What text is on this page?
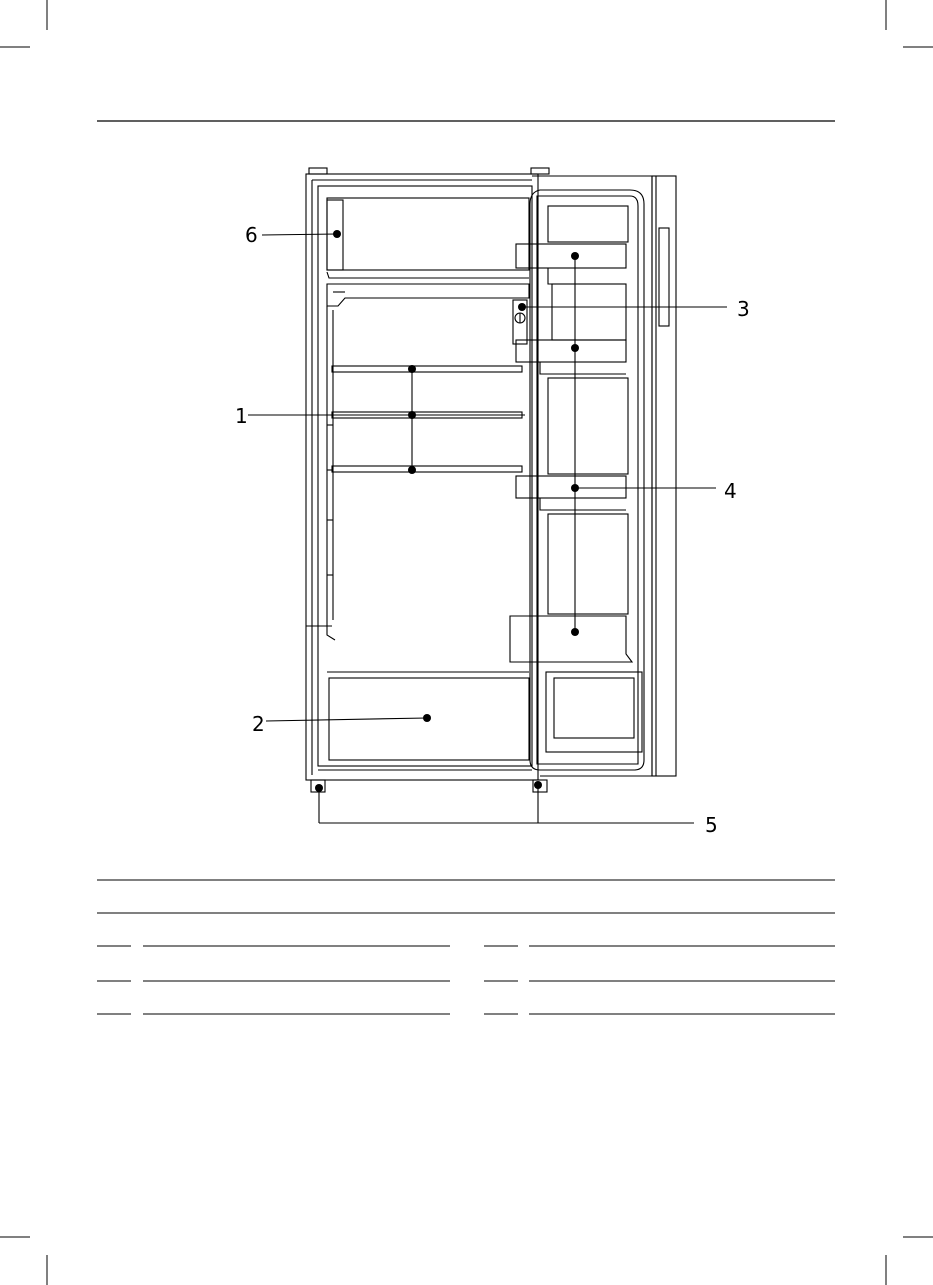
6
1
3
4
2
5
